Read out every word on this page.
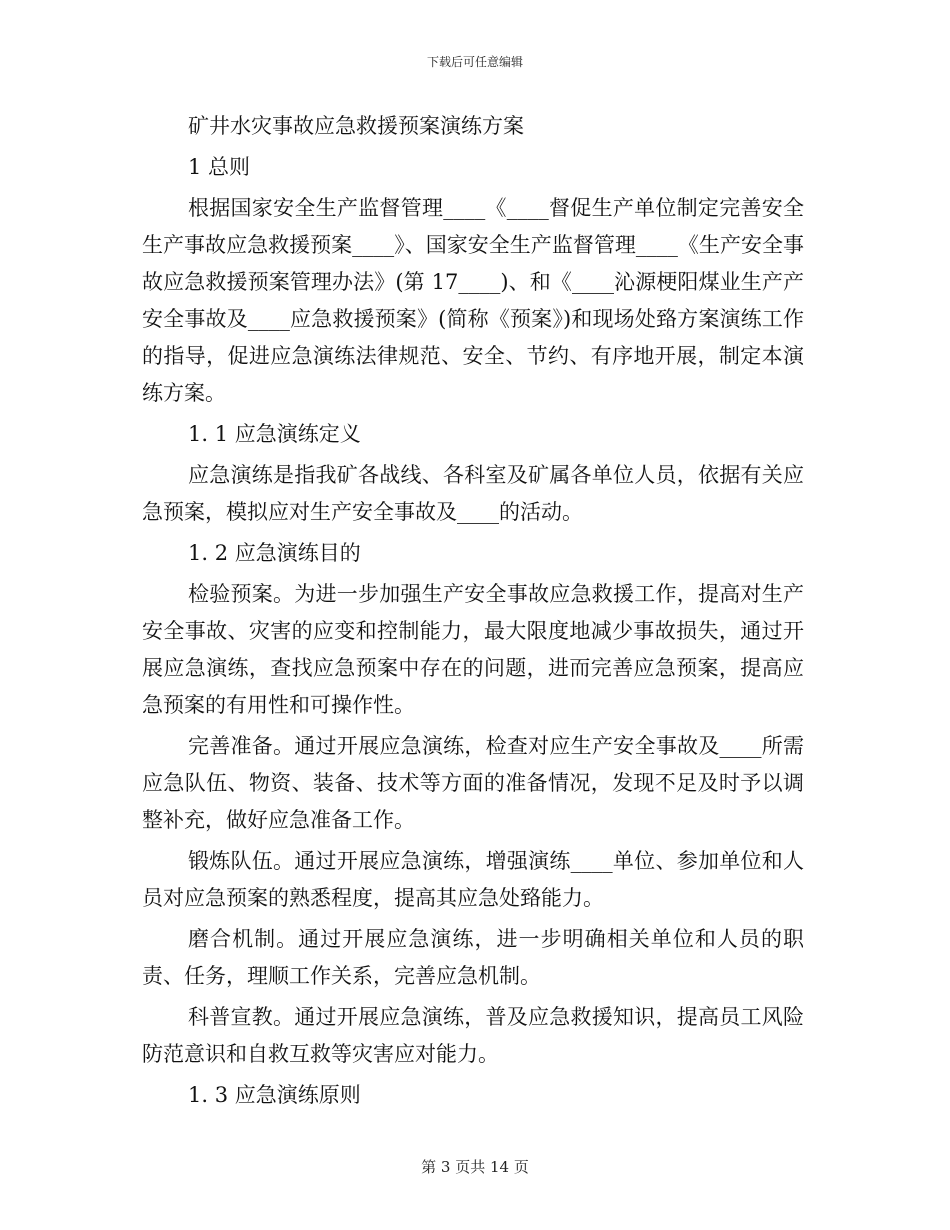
下载后可任意编辑
矿井水灾事故应急救援预案演练方案
1 总则
根据国家安全生产监督管理____《____督促生产单位制定完善安全生产事故应急救援预案____》、国家安全生产监督管理____《生产安全事故应急救援预案管理办法》(第 17____)、和《____沁源梗阳煤业生产产安全事故及____应急救援预案》(简称《预案》)和现场处臵方案演练工作的指导，促进应急演练法律规范、安全、节约、有序地开展，制定本演练方案。
1. 1 应急演练定义
应急演练是指我矿各战线、各科室及矿属各单位人员，依据有关应急预案，模拟应对生产安全事故及____的活动。
1. 2 应急演练目的
检验预案。为进一步加强生产安全事故应急救援工作，提高对生产安全事故、灾害的应变和控制能力，最大限度地减少事故损失，通过开展应急演练，查找应急预案中存在的问题，进而完善应急预案，提高应急预案的有用性和可操作性。
完善准备。通过开展应急演练，检查对应生产安全事故及____所需应急队伍、物资、装备、技术等方面的准备情况，发现不足及时予以调整补充，做好应急准备工作。
锻炼队伍。通过开展应急演练，增强演练____单位、参加单位和人员对应急预案的熟悉程度，提高其应急处臵能力。
磨合机制。通过开展应急演练，进一步明确相关单位和人员的职责、任务，理顺工作关系，完善应急机制。
科普宣教。通过开展应急演练，普及应急救援知识，提高员工风险防范意识和自救互救等灾害应对能力。
1. 3 应急演练原则
第 3 页共 14 页
